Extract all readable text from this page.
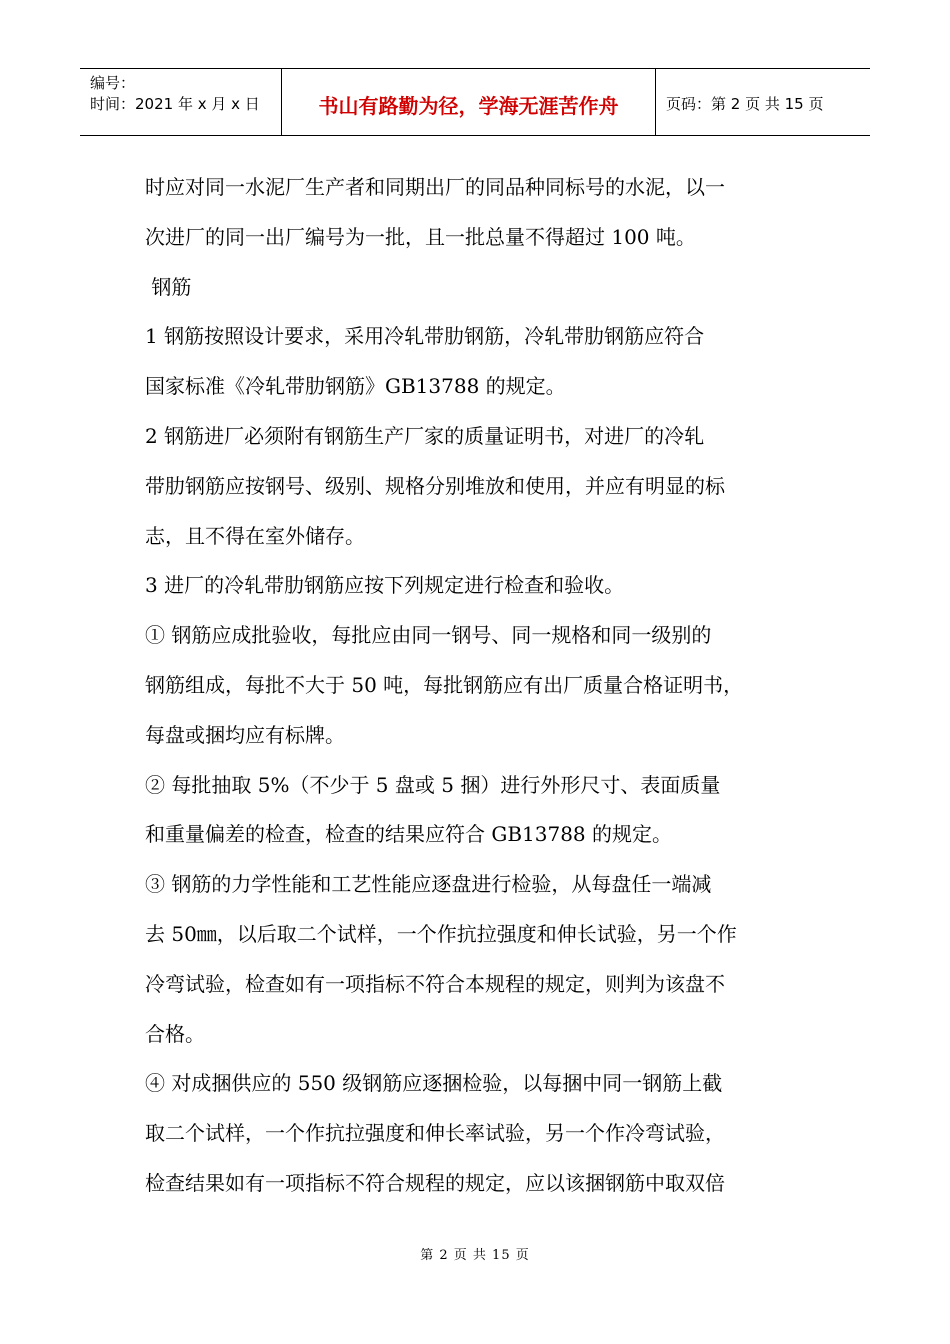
编号：
时间：2021 年 x 月 x 日	书山有路勤为径，学海无涯苦作舟	页码：第 2 页 共 15 页
时应对同一水泥厂生产者和同期出厂的同品种同标号的水泥，以一
次进厂的同一出厂编号为一批，且一批总量不得超过 100 吨。
钢筋
1 钢筋按照设计要求，采用冷轧带肋钢筋，冷轧带肋钢筋应符合
国家标准《冷轧带肋钢筋》GB13788 的规定。
2 钢筋进厂必须附有钢筋生产厂家的质量证明书，对进厂的冷轧
带肋钢筋应按钢号、级别、规格分别堆放和使用，并应有明显的标
志，且不得在室外储存。
3 进厂的冷轧带肋钢筋应按下列规定进行检查和验收。
① 钢筋应成批验收，每批应由同一钢号、同一规格和同一级别的
钢筋组成，每批不大于 50 吨，每批钢筋应有出厂质量合格证明书，
每盘或捆均应有标牌。
② 每批抽取 5%（不少于 5 盘或 5 捆）进行外形尺寸、表面质量
和重量偏差的检查，检查的结果应符合 GB13788 的规定。
③ 钢筋的力学性能和工艺性能应逐盘进行检验，从每盘任一端减
去 50㎜，以后取二个试样，一个作抗拉强度和伸长试验，另一个作
冷弯试验，检查如有一项指标不符合本规程的规定，则判为该盘不
合格。
④ 对成捆供应的 550 级钢筋应逐捆检验，以每捆中同一钢筋上截
取二个试样，一个作抗拉强度和伸长率试验，另一个作冷弯试验，
检查结果如有一项指标不符合规程的规定，应以该捆钢筋中取双倍
第 2 页 共 15 页
